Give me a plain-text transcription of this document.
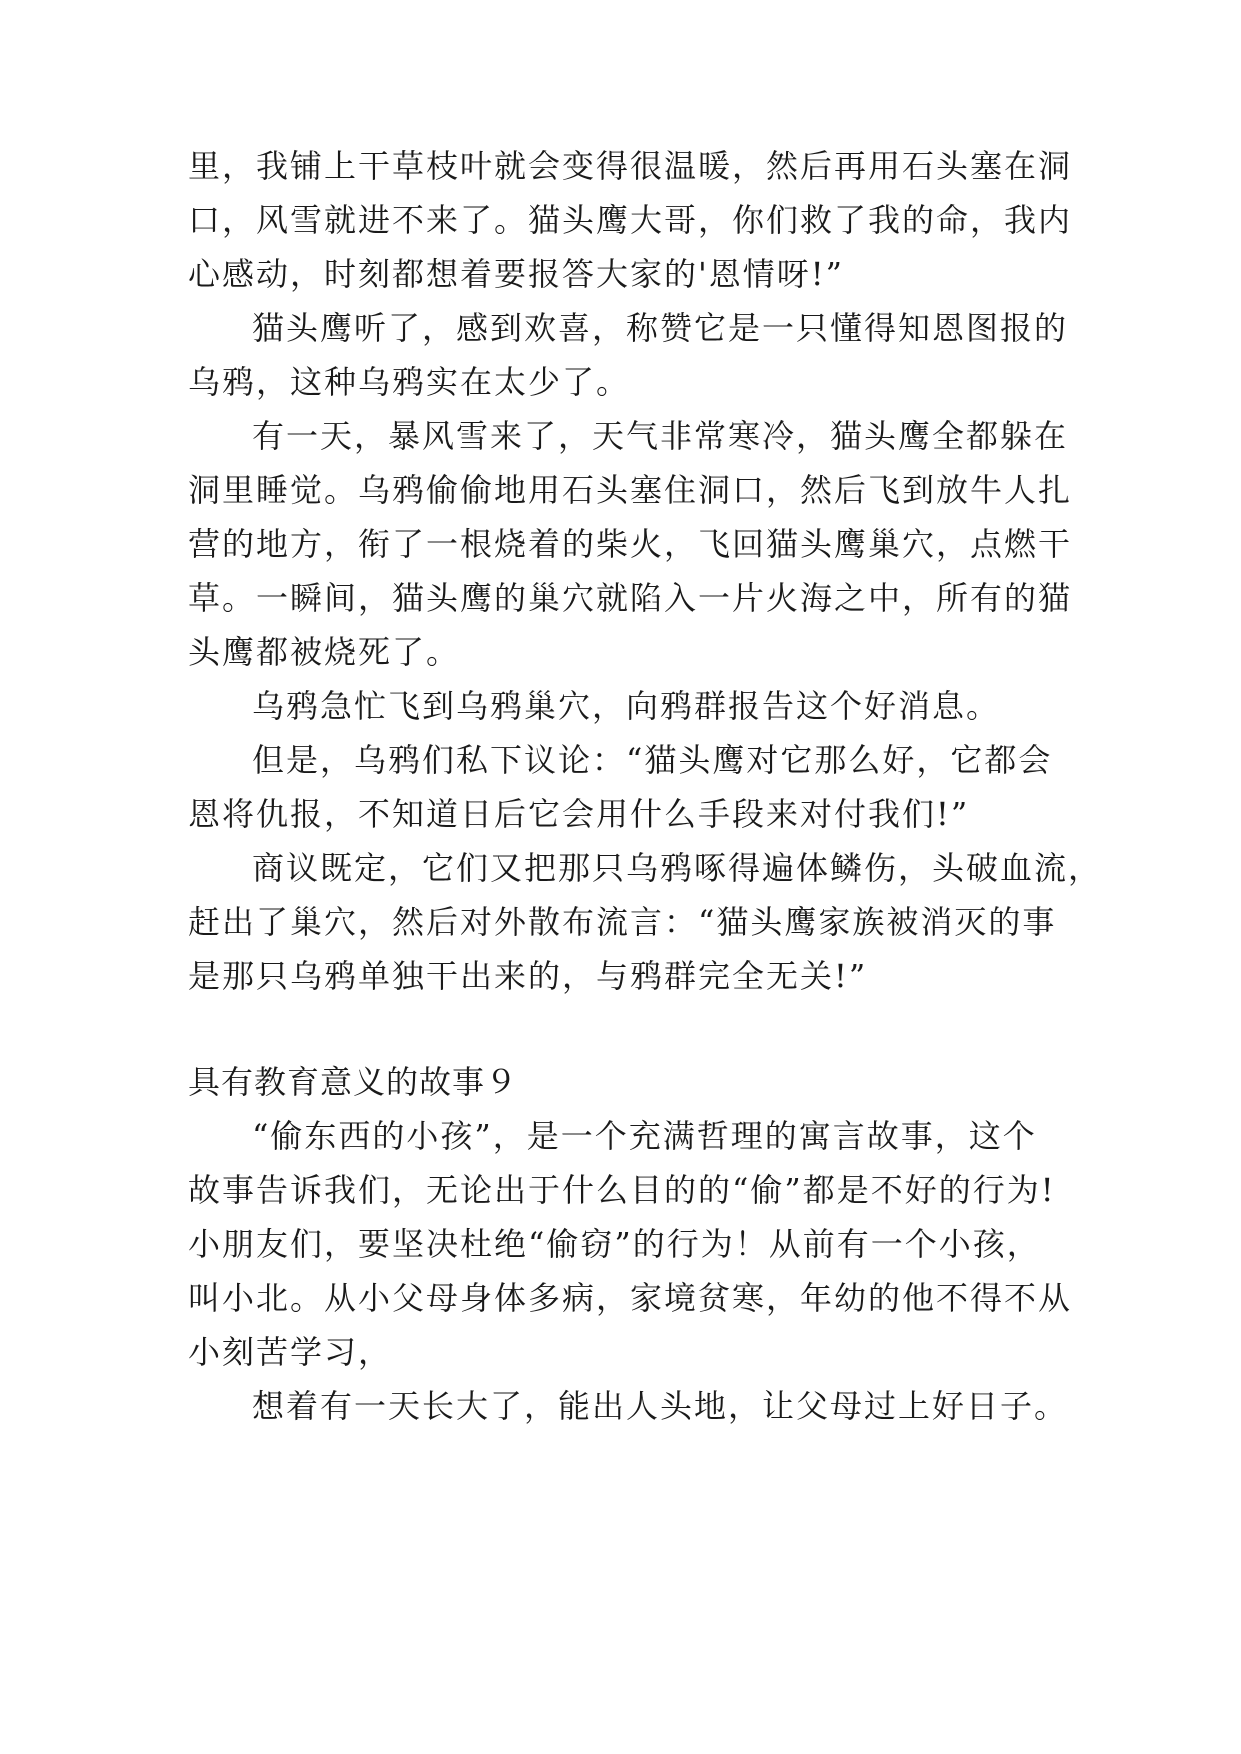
里，我铺上干草枝叶就会变得很温暖，然后再用石头塞在洞
口，风雪就进不来了。猫头鹰大哥，你们救了我的命，我内
心感动，时刻都想着要报答大家的'恩情呀!”
猫头鹰听了，感到欢喜，称赞它是一只懂得知恩图报的
乌鸦，这种乌鸦实在太少了。
有一天，暴风雪来了，天气非常寒冷，猫头鹰全都躲在
洞里睡觉。乌鸦偷偷地用石头塞住洞口，然后飞到放牛人扎
营的地方，衔了一根烧着的柴火，飞回猫头鹰巢穴，点燃干
草。一瞬间，猫头鹰的巢穴就陷入一片火海之中，所有的猫
头鹰都被烧死了。
乌鸦急忙飞到乌鸦巢穴，向鸦群报告这个好消息。
但是，乌鸦们私下议论：“猫头鹰对它那么好，它都会
恩将仇报，不知道日后它会用什么手段来对付我们!”
商议既定，它们又把那只乌鸦啄得遍体鳞伤，头破血流，
赶出了巢穴，然后对外散布流言：“猫头鹰家族被消灭的事
是那只乌鸦单独干出来的，与鸦群完全无关!”
具有教育意义的故事９
“偷东西的小孩”，是一个充满哲理的寓言故事，这个
故事告诉我们，无论出于什么目的的“偷”都是不好的行为!
小朋友们，要坚决杜绝“偷窃”的行为！从前有一个小孩，
叫小北。从小父母身体多病，家境贫寒，年幼的他不得不从
小刻苦学习，
想着有一天长大了，能出人头地，让父母过上好日子。
